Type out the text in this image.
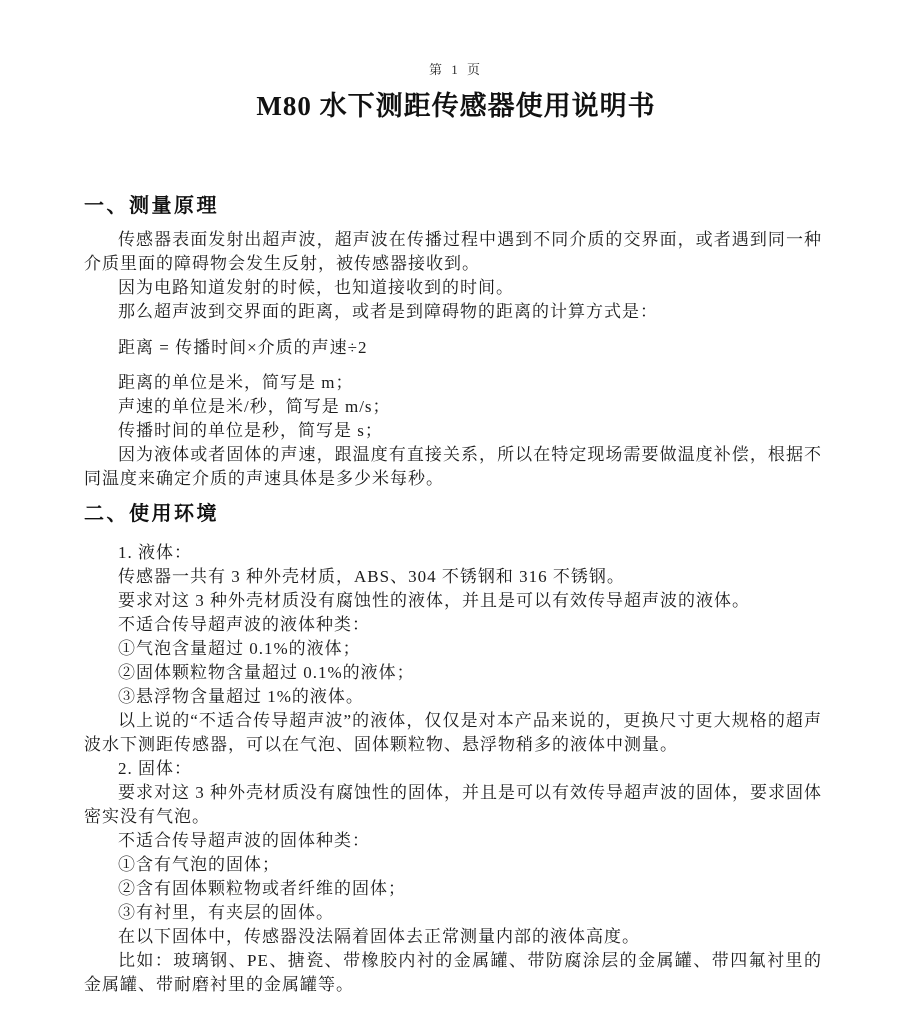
第 1 页
M80 水下测距传感器使用说明书
一、测量原理

传感器表面发射出超声波，超声波在传播过程中遇到不同介质的交界面，或者遇到同一种介质里面的障碍物会发生反射，被传感器接收到。

因为电路知道发射的时候，也知道接收到的时间。

那么超声波到交界面的距离，或者是到障碍物的距离的计算方式是：

距离 = 传播时间×介质的声速÷2

距离的单位是米，简写是 m；

声速的单位是米/秒，简写是 m/s；

传播时间的单位是秒，简写是 s；

因为液体或者固体的声速，跟温度有直接关系，所以在特定现场需要做温度补偿，根据不同温度来确定介质的声速具体是多少米每秒。

二、使用环境

1. 液体：

传感器一共有 3 种外壳材质，ABS、304 不锈钢和 316 不锈钢。

要求对这 3 种外壳材质没有腐蚀性的液体，并且是可以有效传导超声波的液体。

不适合传导超声波的液体种类：

①气泡含量超过 0.1%的液体；

②固体颗粒物含量超过 0.1%的液体；

③悬浮物含量超过 1%的液体。

以上说的“不适合传导超声波”的液体，仅仅是对本产品来说的，更换尺寸更大规格的超声波水下测距传感器，可以在气泡、固体颗粒物、悬浮物稍多的液体中测量。

2. 固体：

要求对这 3 种外壳材质没有腐蚀性的固体，并且是可以有效传导超声波的固体，要求固体密实没有气泡。

不适合传导超声波的固体种类：

①含有气泡的固体；

②含有固体颗粒物或者纤维的固体；

③有衬里，有夹层的固体。

在以下固体中，传感器没法隔着固体去正常测量内部的液体高度。

比如：玻璃钢、PE、搪瓷、带橡胶内衬的金属罐、带防腐涂层的金属罐、带四氟衬里的金属罐、带耐磨衬里的金属罐等。
